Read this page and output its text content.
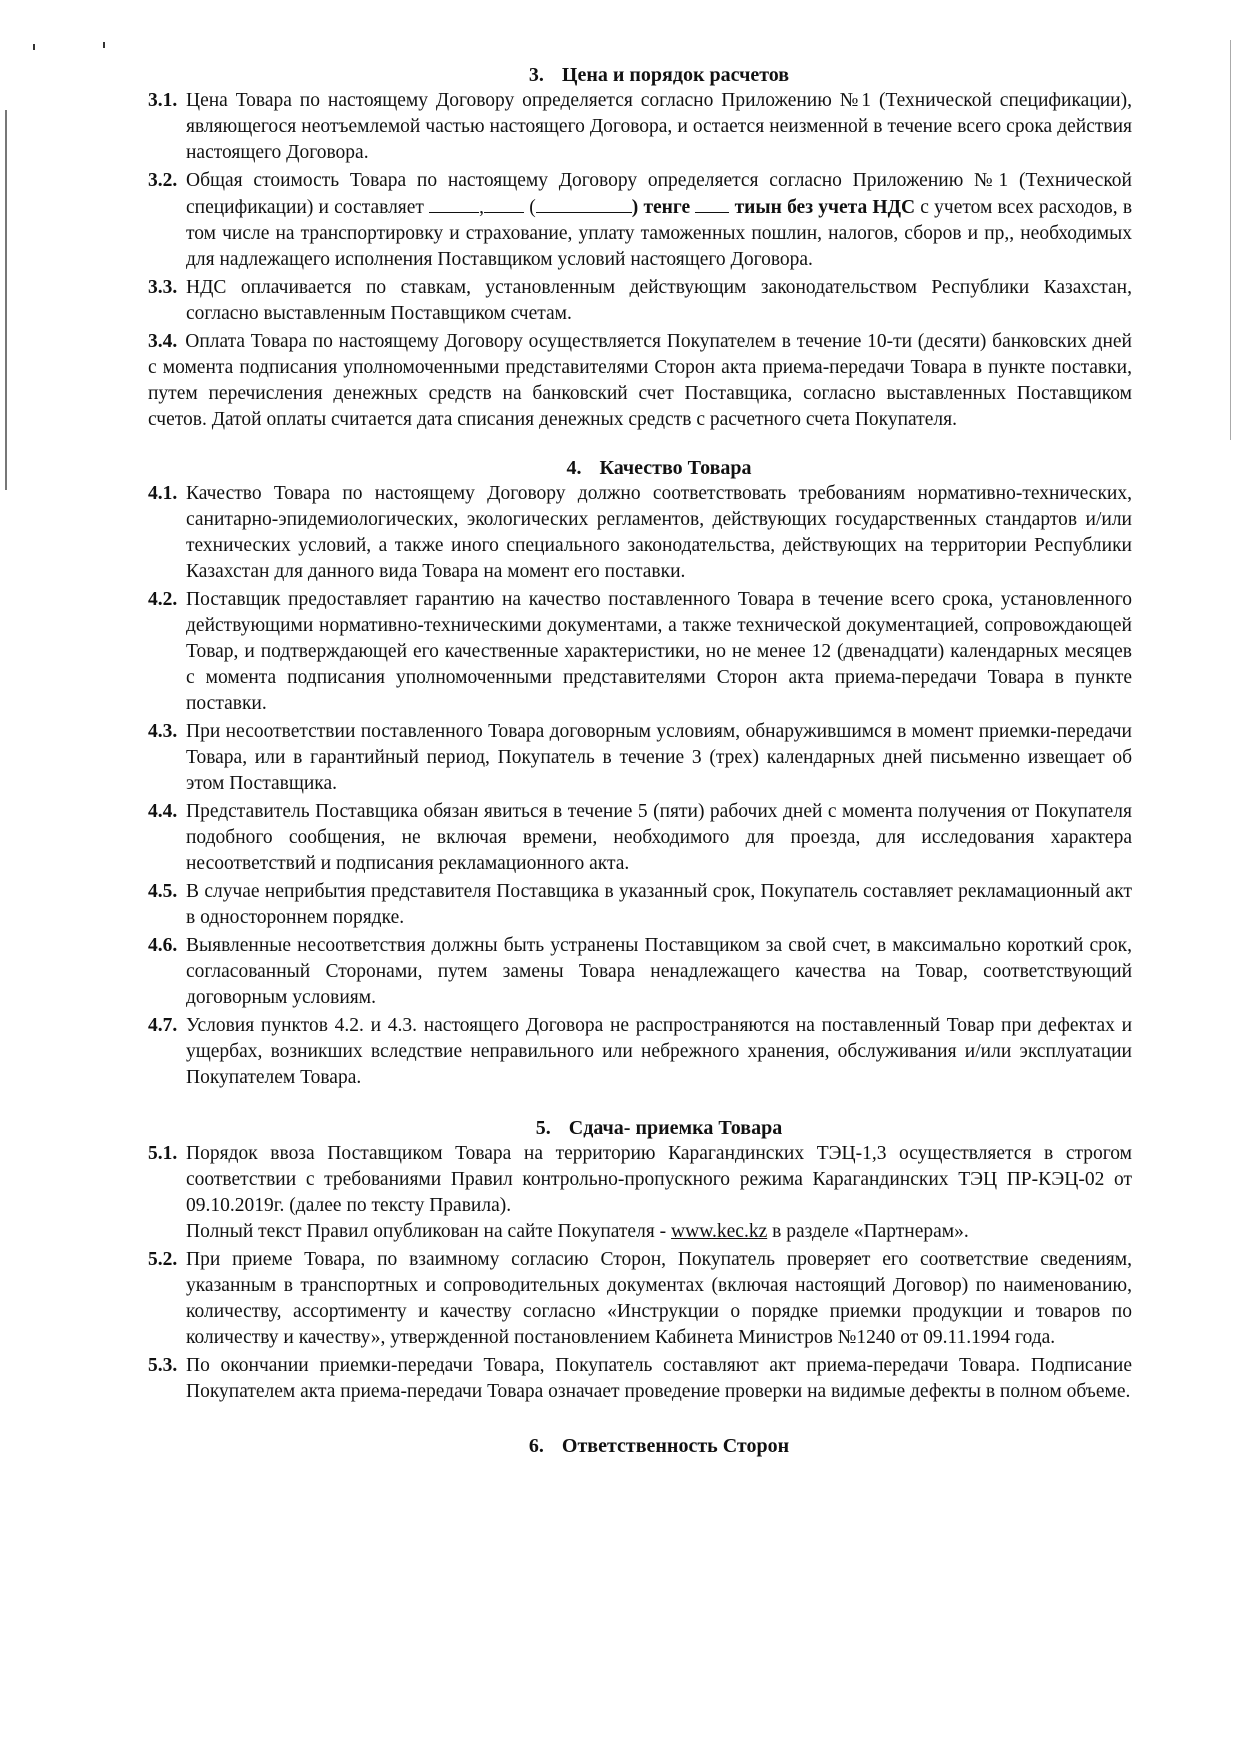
3. Цена и порядок расчетов
3.1. Цена Товара по настоящему Договору определяется согласно Приложению №1 (Технической спецификации), являющегося неотъемлемой частью настоящего Договора, и остается неизменной в течение всего срока действия настоящего Договора.
3.2. Общая стоимость Товара по настоящему Договору определяется согласно Приложению №1 (Технической спецификации) и составляет	, (	) тенге тиын без учета НДС с учетом всех расходов, в том числе на транспортировку и страхование, уплату таможенных пошлин, налогов, сборов и пр,, необходимых для надлежащего исполнения Поставщиком условий настоящего Договора.
3.3. НДС оплачивается по ставкам, установленным действующим законодательством Республики Казахстан, согласно выставленным Поставщиком счетам.
3.4. Оплата Товара по настоящему Договору осуществляется Покупателем в течение 10-ти (десяти) банковских дней с момента подписания уполномоченными представителями Сторон акта приема-передачи Товара в пункте поставки, путем перечисления денежных средств на банковский счет Поставщика, согласно выставленных Поставщиком счетов. Датой оплаты считается дата списания денежных средств с расчетного счета Покупателя.
4. Качество Товара
4.1. Качество Товара по настоящему Договору должно соответствовать требованиям нормативно-технических, санитарно-эпидемиологических, экологических регламентов, действующих государственных стандартов и/или технических условий, а также иного специального законодательства, действующих на территории Республики Казахстан для данного вида Товара на момент его поставки.
4.2. Поставщик предоставляет гарантию на качество поставленного Товара в течение всего срока, установленного действующими нормативно-техническими документами, а также технической документацией, сопровождающей Товар, и подтверждающей его качественные характеристики, но не менее 12 (двенадцати) календарных месяцев с момента подписания уполномоченными представителями Сторон акта приема-передачи Товара в пункте поставки.
4.3. При несоответствии поставленного Товара договорным условиям, обнаружившимся в момент приемки-передачи Товара, или в гарантийный период, Покупатель в течение 3 (трех) календарных дней письменно извещает об этом Поставщика.
4.4. Представитель Поставщика обязан явиться в течение 5 (пяти) рабочих дней с момента получения от Покупателя подобного сообщения, не включая времени, необходимого для проезда, для исследования характера несоответствий и подписания рекламационного акта.
4.5. В случае неприбытия представителя Поставщика в указанный срок, Покупатель составляет рекламационный акт в одностороннем порядке.
4.6. Выявленные несоответствия должны быть устранены Поставщиком за свой счет, в максимально короткий срок, согласованный Сторонами, путем замены Товара ненадлежащего качества на Товар, соответствующий договорным условиям.
4.7. Условия пунктов 4.2. и 4.3. настоящего Договора не распространяются на поставленный Товар при дефектах и ущербах, возникших вследствие неправильного или небрежного хранения, обслуживания и/или эксплуатации Покупателем Товара.
5. Сдача- приемка Товара
5.1. Порядок ввоза Поставщиком Товара на территорию Карагандинских ТЭЦ-1,3 осуществляется в строгом соответствии с требованиями Правил контрольно-пропускного режима Карагандинских ТЭЦ ПР-КЭЦ-02 от 09.10.2019г. (далее по тексту Правила).
Полный текст Правил опубликован на сайте Покупателя - www.kec.kz в разделе «Партнерам».
5.2. При приеме Товара, по взаимному согласию Сторон, Покупатель проверяет его соответствие сведениям, указанным в транспортных и сопроводительных документах (включая настоящий Договор) по наименованию, количеству, ассортименту и качеству согласно «Инструкции о порядке приемки продукции и товаров по количеству и качеству», утвержденной постановлением Кабинета Министров №1240 от 09.11.1994 года.
5.3. По окончании приемки-передачи Товара, Покупатель составляют акт приема-передачи Товара. Подписание Покупателем акта приема-передачи Товара означает проведение проверки на видимые дефекты в полном объеме.
6. Ответственность Сторон
